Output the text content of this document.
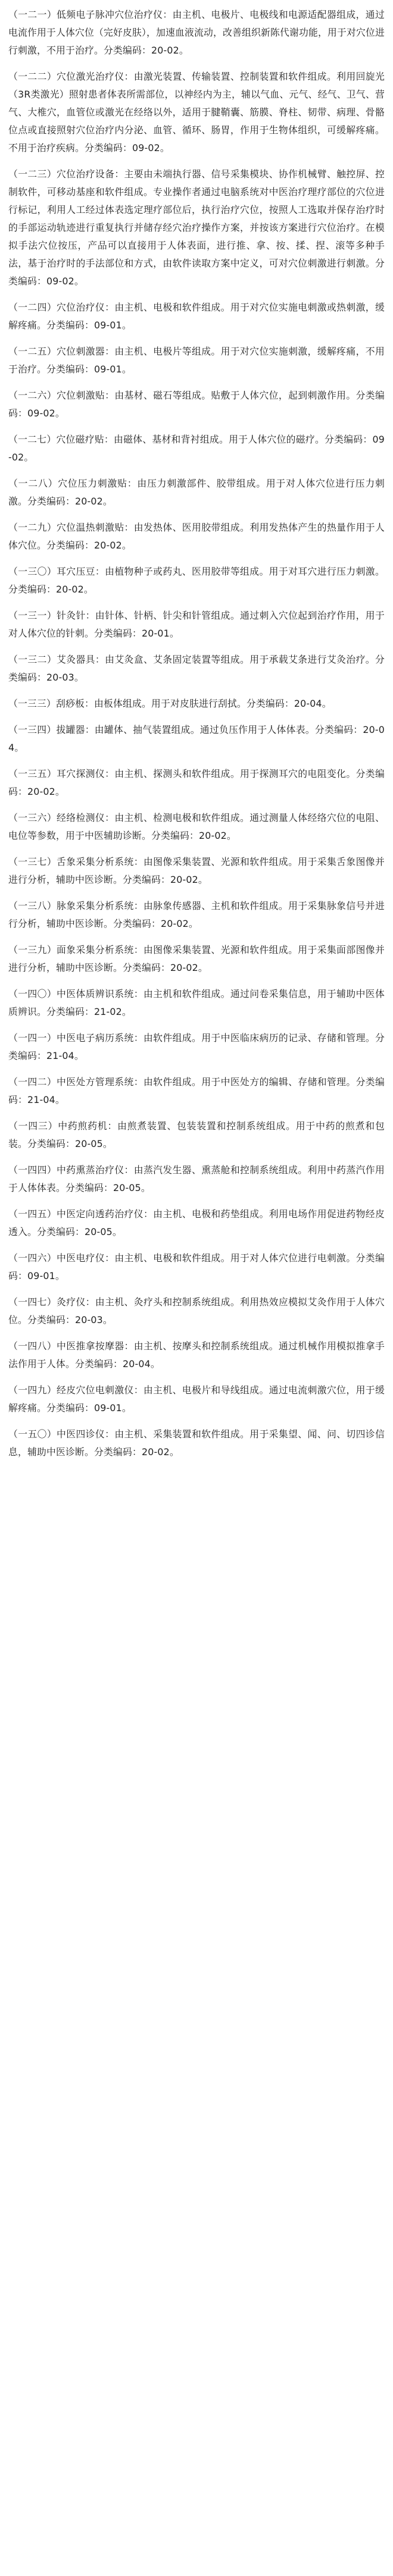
（一二一）低频电子脉冲穴位治疗仪：由主机、电极片、电极线和电源适配器组成，通过电流作用于人体穴位（完好皮肤），加速血液流动，改善组织新陈代谢功能，用于对穴位进行刺激，不用于治疗。分类编码：20-02。

（一二二）穴位激光治疗仪：由激光装置、传输装置、控制装置和软件组成。利用回旋光（3R类激光）照射患者体表所需部位，以神经内为主，辅以气血、元气、经气、卫气、营气、大椎穴，血管位或激光在经络以外，适用于腱鞘囊、筋膜、脊柱、韧带、病理、骨骼位点或直接照射穴位治疗内分泌、血管、循环、肠胃，作用于生物体组织，可缓解疼痛。不用于治疗疾病。分类编码：09-02。

（一二三）穴位治疗设备：主要由未端执行器、信号采集模块、协作机械臂、触控屏、控制软件，可移动基座和软件组成。专业操作者通过电脑系统对中医治疗理疗部位的穴位进行标记，利用人工经过体表选定理疗部位后，执行治疗穴位，按照人工选取并保存治疗时的手部运动轨迹进行重复执行并储存经穴治疗操作方案，并按该方案进行穴位治疗。在模拟手法穴位按压，产品可以直接用于人体表面，进行推、拿、按、揉、捏、滚等多种手法，基于治疗时的手法部位和方式，由软件读取方案中定义，可对穴位刺激进行刺激。分类编码：09-02。

（一二四）穴位治疗仪：由主机、电极和软件组成。用于对穴位实施电刺激或热刺激，缓解疼痛。分类编码：09-01。

（一二五）穴位刺激器：由主机、电极片等组成。用于对穴位实施刺激，缓解疼痛，不用于治疗。分类编码：09-01。

（一二六）穴位刺激贴：由基材、磁石等组成。贴敷于人体穴位，起到刺激作用。分类编码：09-02。

（一二七）穴位磁疗贴：由磁体、基材和背衬组成。用于人体穴位的磁疗。分类编码：09-02。

（一二八）穴位压力刺激贴：由压力刺激部件、胶带组成。用于对人体穴位进行压力刺激。分类编码：20-02。

（一二九）穴位温热刺激贴：由发热体、医用胶带组成。利用发热体产生的热量作用于人体穴位。分类编码：20-02。

（一三〇）耳穴压豆：由植物种子或药丸、医用胶带等组成。用于对耳穴进行压力刺激。分类编码：20-02。

（一三一）针灸针：由针体、针柄、针尖和针管组成。通过刺入穴位起到治疗作用，用于对人体穴位的针刺。分类编码：20-01。

（一三二）艾灸器具：由艾灸盒、艾条固定装置等组成。用于承载艾条进行艾灸治疗。分类编码：20-03。

（一三三）刮痧板：由板体组成。用于对皮肤进行刮拭。分类编码：20-04。

（一三四）拔罐器：由罐体、抽气装置组成。通过负压作用于人体体表。分类编码：20-04。

（一三五）耳穴探测仪：由主机、探测头和软件组成。用于探测耳穴的电阻变化。分类编码：20-02。

（一三六）经络检测仪：由主机、检测电极和软件组成。通过测量人体经络穴位的电阻、电位等参数，用于中医辅助诊断。分类编码：20-02。

（一三七）舌象采集分析系统：由图像采集装置、光源和软件组成。用于采集舌象图像并进行分析，辅助中医诊断。分类编码：20-02。

（一三八）脉象采集分析系统：由脉象传感器、主机和软件组成。用于采集脉象信号并进行分析，辅助中医诊断。分类编码：20-02。

（一三九）面象采集分析系统：由图像采集装置、光源和软件组成。用于采集面部图像并进行分析，辅助中医诊断。分类编码：20-02。

（一四〇）中医体质辨识系统：由主机和软件组成。通过问卷采集信息，用于辅助中医体质辨识。分类编码：21-02。

（一四一）中医电子病历系统：由软件组成。用于中医临床病历的记录、存储和管理。分类编码：21-04。

（一四二）中医处方管理系统：由软件组成。用于中医处方的编辑、存储和管理。分类编码：21-04。

（一四三）中药煎药机：由煎煮装置、包装装置和控制系统组成。用于中药的煎煮和包装。分类编码：20-05。

（一四四）中药熏蒸治疗仪：由蒸汽发生器、熏蒸舱和控制系统组成。利用中药蒸汽作用于人体体表。分类编码：20-05。

（一四五）中医定向透药治疗仪：由主机、电极和药垫组成。利用电场作用促进药物经皮透入。分类编码：20-05。

（一四六）中医电疗仪：由主机、电极和软件组成。用于对人体穴位进行电刺激。分类编码：09-01。

（一四七）灸疗仪：由主机、灸疗头和控制系统组成。利用热效应模拟艾灸作用于人体穴位。分类编码：20-03。

（一四八）中医推拿按摩器：由主机、按摩头和控制系统组成。通过机械作用模拟推拿手法作用于人体。分类编码：20-04。

（一四九）经皮穴位电刺激仪：由主机、电极片和导线组成。通过电流刺激穴位，用于缓解疼痛。分类编码：09-01。

（一五〇）中医四诊仪：由主机、采集装置和软件组成。用于采集望、闻、问、切四诊信息，辅助中医诊断。分类编码：20-02。
